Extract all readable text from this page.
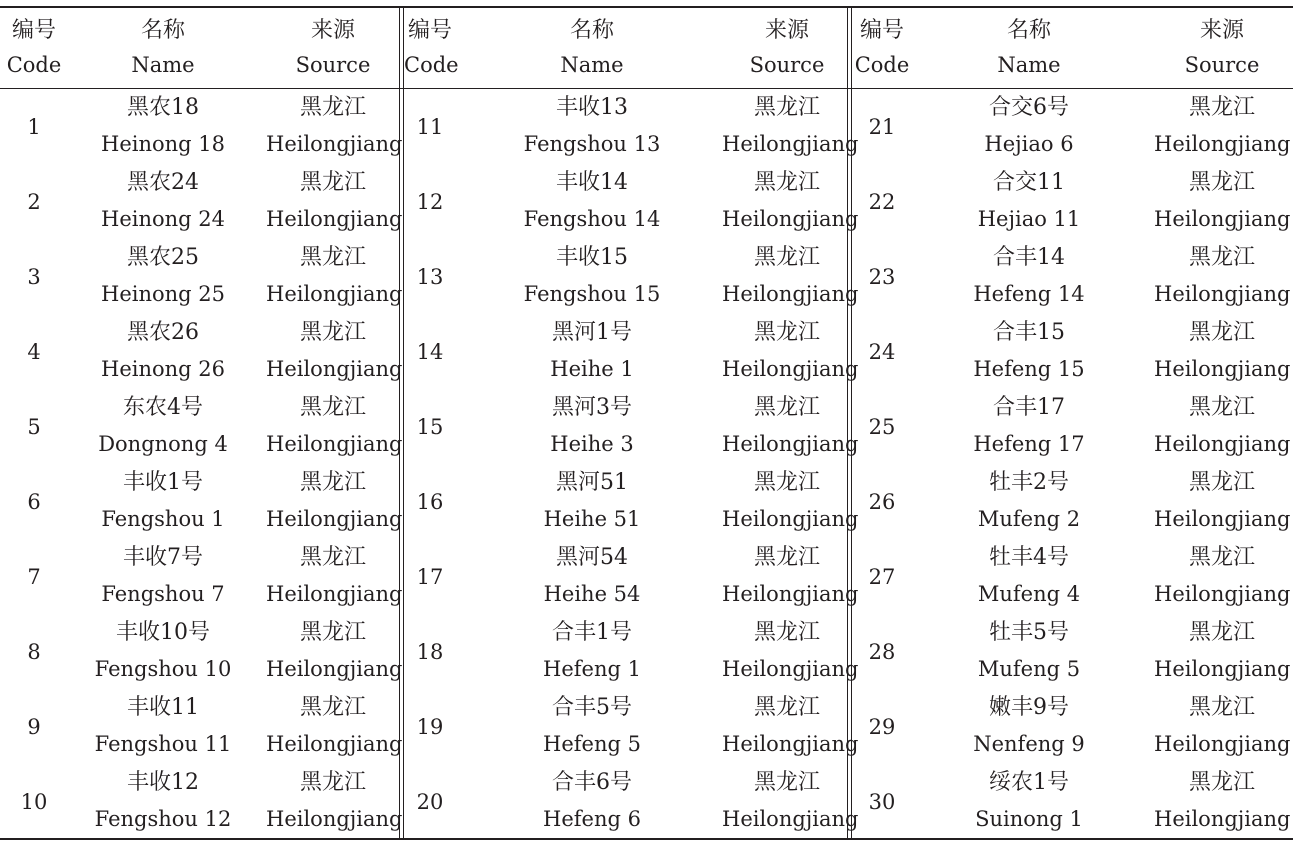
编号
Code
名称
Name
来源
Source
1
黑农18
Heinong 18
黑龙江
Heilongjiang
2
黑农24
Heinong 24
黑龙江
Heilongjiang
3
黑农25
Heinong 25
黑龙江
Heilongjiang
4
黑农26
Heinong 26
黑龙江
Heilongjiang
5
东农4号
Dongnong 4
黑龙江
Heilongjiang
6
丰收1号
Fengshou 1
黑龙江
Heilongjiang
7
丰收7号
Fengshou 7
黑龙江
Heilongjiang
8
丰收10号
Fengshou 10
黑龙江
Heilongjiang
9
丰收11
Fengshou 11
黑龙江
Heilongjiang
10
丰收12
Fengshou 12
黑龙江
Heilongjiang
编号
Code
名称
Name
来源
Source
11
丰收13
Fengshou 13
黑龙江
Heilongjiang
12
丰收14
Fengshou 14
黑龙江
Heilongjiang
13
丰收15
Fengshou 15
黑龙江
Heilongjiang
14
黑河1号
Heihe 1
黑龙江
Heilongjiang
15
黑河3号
Heihe 3
黑龙江
Heilongjiang
16
黑河51
Heihe 51
黑龙江
Heilongjiang
17
黑河54
Heihe 54
黑龙江
Heilongjiang
18
合丰1号
Hefeng 1
黑龙江
Heilongjiang
19
合丰5号
Hefeng 5
黑龙江
Heilongjiang
20
合丰6号
Hefeng 6
黑龙江
Heilongjiang
编号
Code
名称
Name
来源
Source
21
合交6号
Hejiao 6
黑龙江
Heilongjiang
22
合交11
Hejiao 11
黑龙江
Heilongjiang
23
合丰14
Hefeng 14
黑龙江
Heilongjiang
24
合丰15
Hefeng 15
黑龙江
Heilongjiang
25
合丰17
Hefeng 17
黑龙江
Heilongjiang
26
牡丰2号
Mufeng 2
黑龙江
Heilongjiang
27
牡丰4号
Mufeng 4
黑龙江
Heilongjiang
28
牡丰5号
Mufeng 5
黑龙江
Heilongjiang
29
嫩丰9号
Nenfeng 9
黑龙江
Heilongjiang
30
绥农1号
Suinong 1
黑龙江
Heilongjiang
